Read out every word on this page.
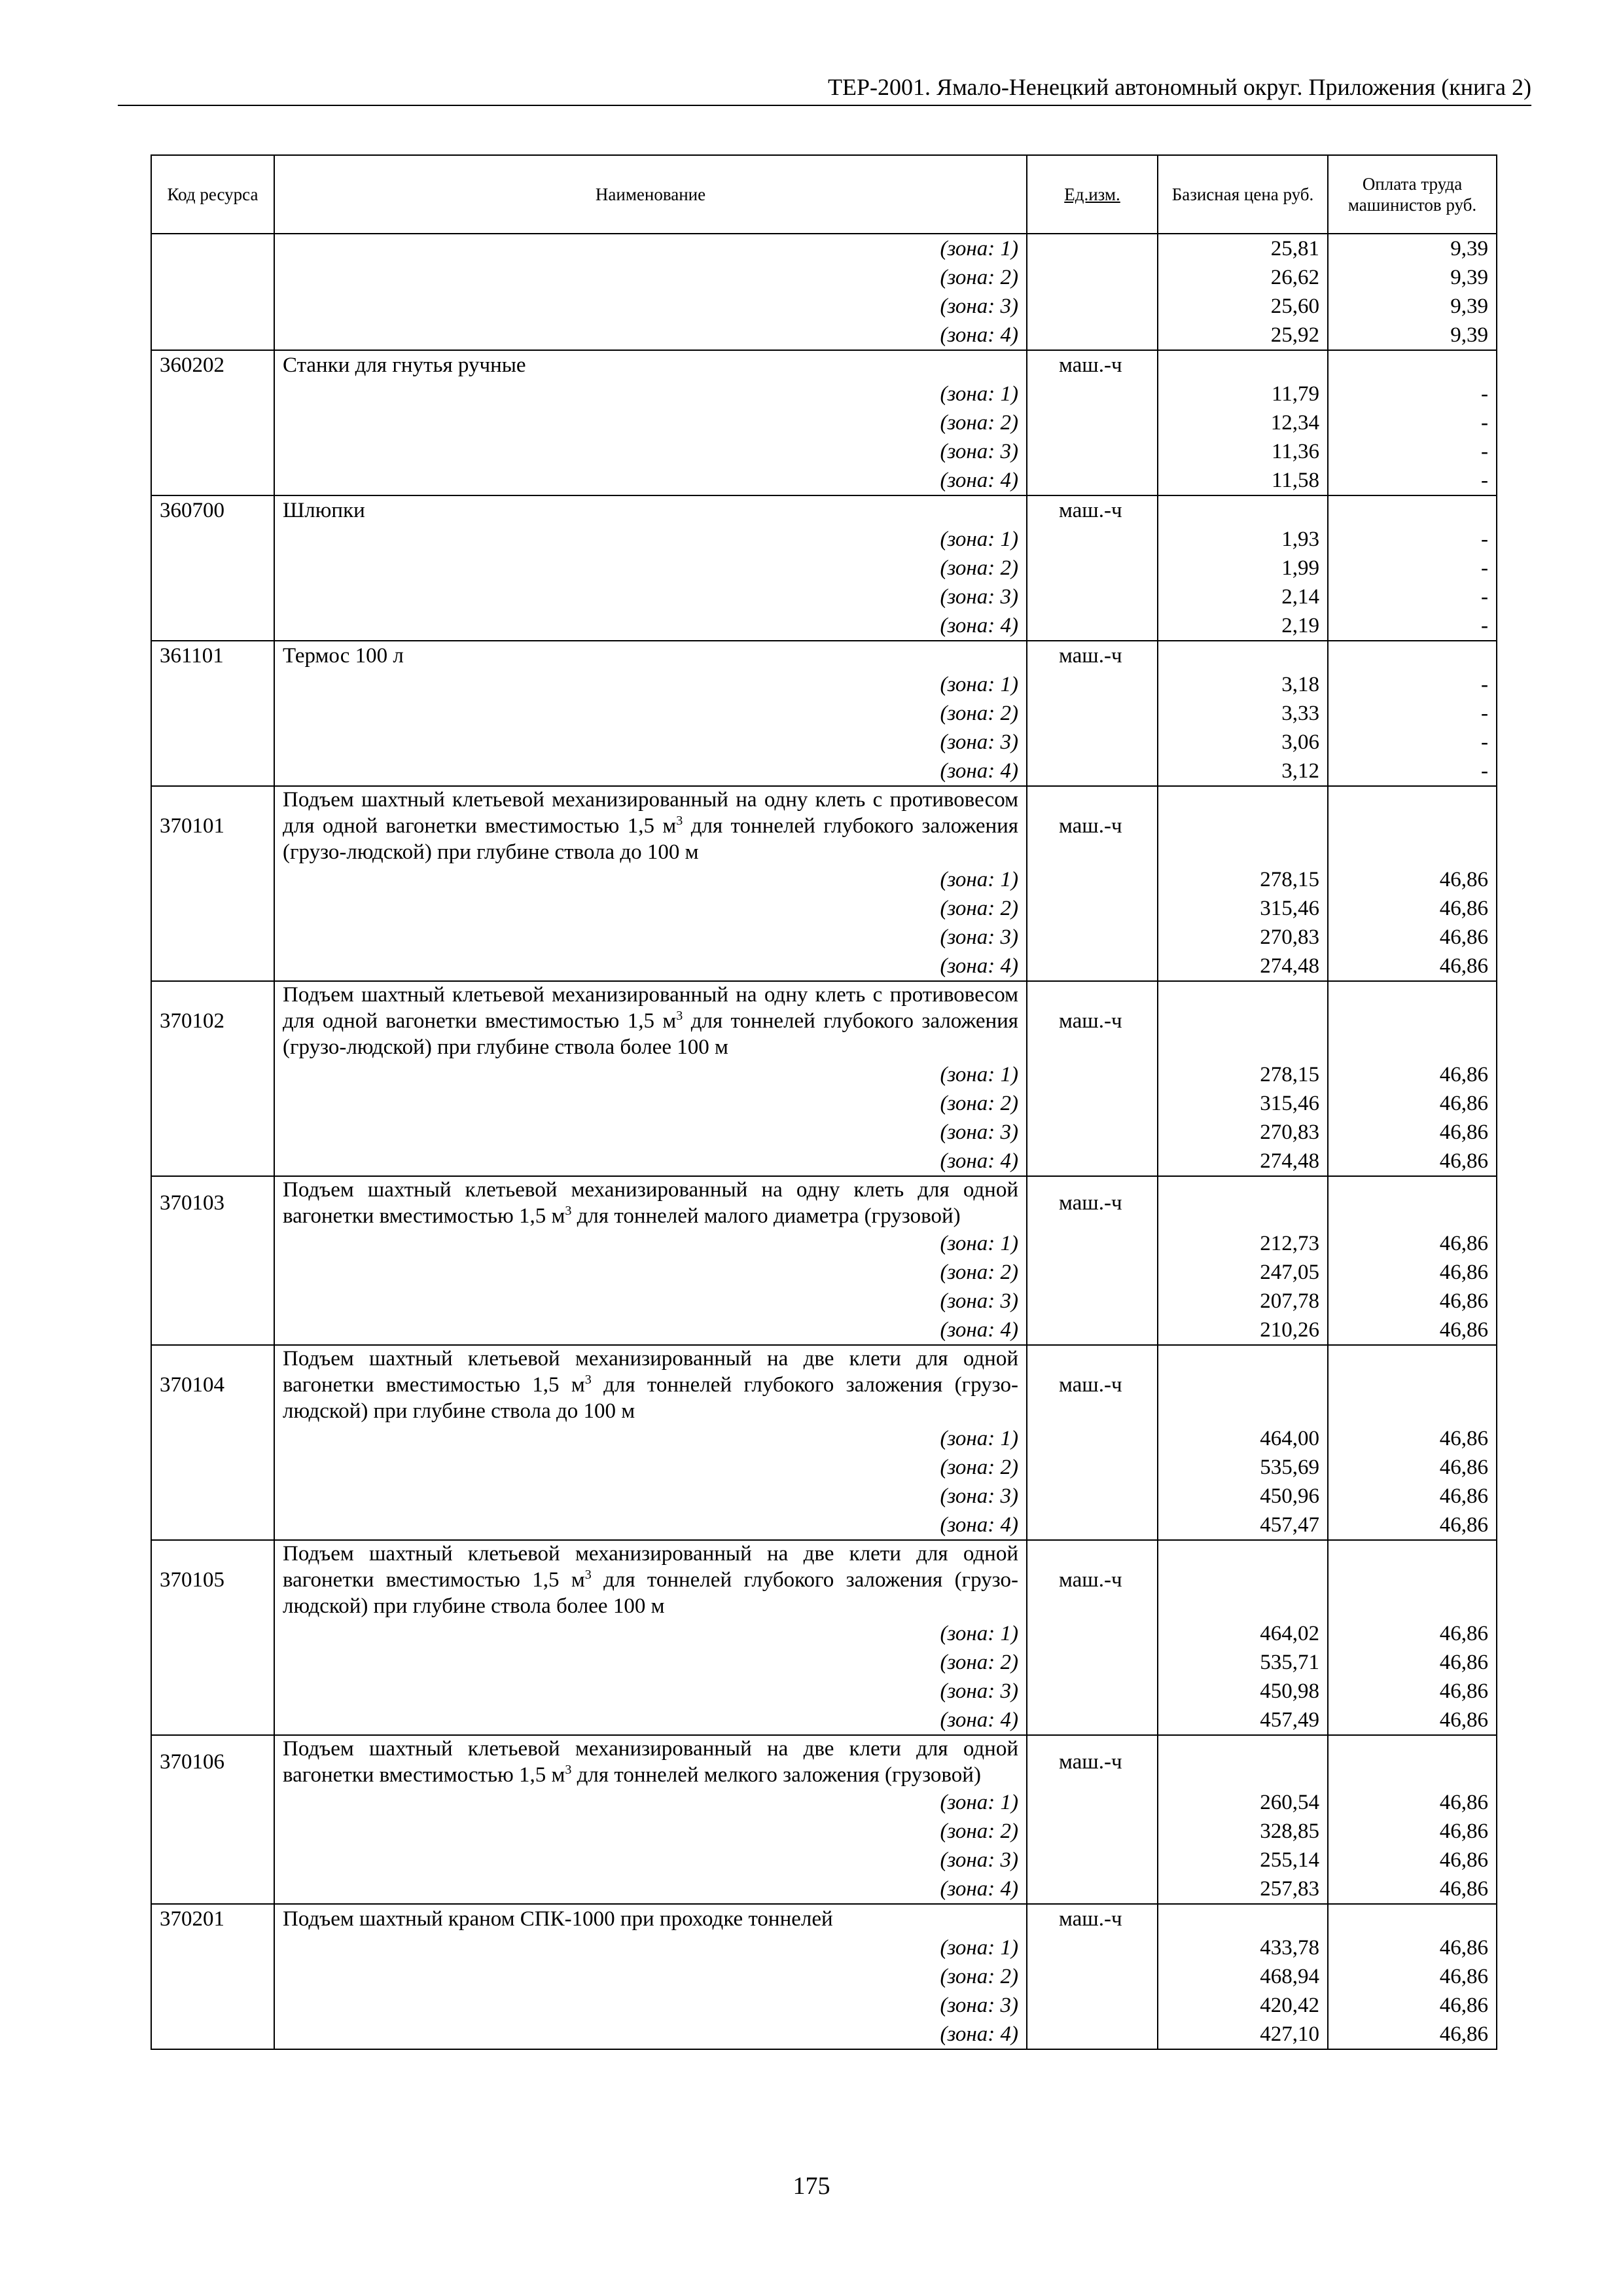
ТЕР-2001. Ямало-Ненецкий автономный округ. Приложения (книга 2)
Код ресурса	Наименование	Ед.изм.	Базисная цена руб.	Оплата труда машинистов руб.
	(зона: 1)		25,81	9,39
	(зона: 2)		26,62	9,39
	(зона: 3)		25,60	9,39
	(зона: 4)		25,92	9,39
360202	Станки для гнутья ручные	маш.-ч		
	(зона: 1)		11,79	-
	(зона: 2)		12,34	-
	(зона: 3)		11,36	-
	(зона: 4)		11,58	-
360700	Шлюпки	маш.-ч		
	(зона: 1)		1,93	-
	(зона: 2)		1,99	-
	(зона: 3)		2,14	-
	(зона: 4)		2,19	-
361101	Термос 100 л	маш.-ч		
	(зона: 1)		3,18	-
	(зона: 2)		3,33	-
	(зона: 3)		3,06	-
	(зона: 4)		3,12	-
370101	Подъем шахтный клетьевой механизированный на одну клеть с противовесом для одной вагонетки вместимостью 1,5 $м^3$ для тоннелей глубокого заложения (грузо-людской) при глубине ствола до 100 м	маш.-ч		
	(зона: 1)		278,15	46,86
	(зона: 2)		315,46	46,86
	(зона: 3)		270,83	46,86
	(зона: 4)		274,48	46,86
370102	Подъем шахтный клетьевой механизированный на одну клеть с противовесом для одной вагонетки вместимостью 1,5 $м^3$ для тоннелей глубокого заложения (грузо-людской) при глубине ствола более 100 м	маш.-ч		
	(зона: 1)		278,15	46,86
	(зона: 2)		315,46	46,86
	(зона: 3)		270,83	46,86
	(зона: 4)		274,48	46,86
370103	Подъем шахтный клетьевой механизированный на одну клеть для одной вагонетки вместимостью 1,5 $м^3$ для тоннелей малого диаметра (грузовой)	маш.-ч		
	(зона: 1)		212,73	46,86
	(зона: 2)		247,05	46,86
	(зона: 3)		207,78	46,86
	(зона: 4)		210,26	46,86
370104	Подъем шахтный клетьевой механизированный на две клети для одной вагонетки вместимостью 1,5 $м^3$ для тоннелей глубокого заложения (грузо-людской) при глубине ствола до 100 м	маш.-ч		
	(зона: 1)		464,00	46,86
	(зона: 2)		535,69	46,86
	(зона: 3)		450,96	46,86
	(зона: 4)		457,47	46,86
370105	Подъем шахтный клетьевой механизированный на две клети для одной вагонетки вместимостью 1,5 $м^3$ для тоннелей глубокого заложения (грузо-людской) при глубине ствола более 100 м	маш.-ч		
	(зона: 1)		464,02	46,86
	(зона: 2)		535,71	46,86
	(зона: 3)		450,98	46,86
	(зона: 4)		457,49	46,86
370106	Подъем шахтный клетьевой механизированный на две клети для одной вагонетки вместимостью 1,5 $м^3$ для тоннелей мелкого заложения (грузовой)	маш.-ч		
	(зона: 1)		260,54	46,86
	(зона: 2)		328,85	46,86
	(зона: 3)		255,14	46,86
	(зона: 4)		257,83	46,86
370201	Подъем шахтный краном СПК-1000 при проходке тоннелей	маш.-ч		
	(зона: 1)		433,78	46,86
	(зона: 2)		468,94	46,86
	(зона: 3)		420,42	46,86
	(зона: 4)		427,10	46,86
175
